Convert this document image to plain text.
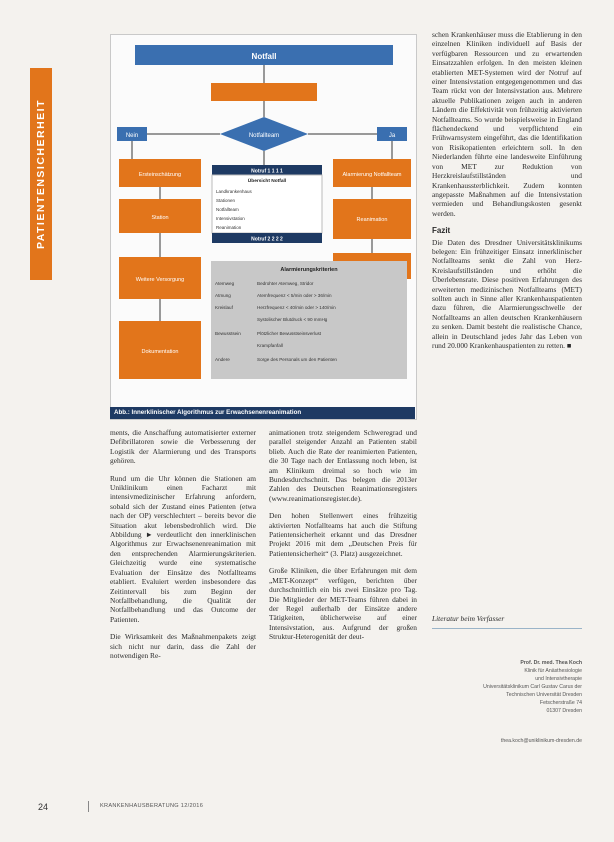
PATIENTENSICHERHEIT
Notfall
Notfallteam
Nein	Ja
Ersteinschätzung
Station
Weitere Versorgung
Dokumentation
Alarmierung Notfallteam
Reanimation
Notruf 1 1 1 1
Übersicht Notfall
Landkrankenhaus
Stationen
Notfallteam
Intensivstation
Reanimation
Notruf 2 2 2 2
Alarmierungskriterien
Atemweg	Bedrohter Atemweg, Stridor
Atmung	Atemfrequenz < 5/min oder > 36/min
Kreislauf	Herzfrequenz < 40/min oder > 140/min
Systolischer Blutdruck < 90 mmHg
Bewusstsein	Plötzlicher Bewusstseinsverlust
Krampfanfall
Andere	Sorge des Personals um den Patienten
Abb.: Innerklinischer Algorithmus zur Erwachsenenreanimation

ments, die Anschaffung automatisierter externer Defibrillatoren sowie die Verbesserung der Logistik der Alarmierung und des Transports gehören.

Rund um die Uhr können die Stationen am Uniklinikum einen Facharzt mit intensivmedizinischer Erfahrung anfordern, sobald sich der Zustand eines Patienten (etwa nach der OP) verschlechtert – bereits bevor die Situation akut lebensbedrohlich wird. Die Abbildung ► verdeutlicht den innerklinischen Algorithmus zur Erwachsenenreanimation mit den entsprechenden Alarmierungskriterien. Gleichzeitig wurde eine systematische Evaluation der Einsätze des Notfallteams etabliert. Evaluiert werden insbesondere das Zeitintervall bis zum Beginn der Notfallbehandlung, die Qualität der Notfallbehandlung und das Outcome der Patienten.

Die Wirksamkeit des Maßnahmenpakets zeigt sich nicht nur darin, dass die Zahl der notwendigen Re-

animationen trotz steigendem Schweregrad und parallel steigender Anzahl an Patienten stabil blieb. Auch die Rate der reanimierten Patienten, die 30 Tage nach der Entlassung noch leben, ist am Klinikum dreimal so hoch wie im Bundesdurchschnitt. Das belegen die 2013er Zahlen des Deutschen Reanimationsregisters (www.reanimationsregister.de).

Den hohen Stellenwert eines frühzeitig aktivierten Notfallteams hat auch die Stiftung Patientensicherheit erkannt und das Dresdner Projekt 2016 mit dem „Deutschen Preis für Patientensicherheit“ (3. Platz) ausgezeichnet.

Große Kliniken, die über Erfahrungen mit dem „MET-Konzept“ verfügen, berichten über durchschnittlich ein bis zwei Einsätze pro Tag. Die Mitglieder der MET-Teams führen dabei in der Regel außerhalb der Einsätze andere Tätigkeiten, üblicherweise auf einer Intensivstation, aus. Aufgrund der großen Struktur-Heterogenität der deut-

schen Krankenhäuser muss die Etablierung in den einzelnen Kliniken individuell auf Basis der verfügbaren Ressourcen und zu erwartenden Einsatzzahlen erfolgen. In den meisten kleinen etablierten MET-Systemen wird der Notruf auf einer Intensivstation entgegengenommen und das Team rückt von der Intensivstation aus. Mehrere aktuelle Publikationen zeigen auch in anderen Ländern die Effektivität von frühzeitig aktivierten Notfallteams. So wurde beispielsweise in England flächendeckend und verpflichtend ein Frühwarnsystem eingeführt, das die Identifikation von Risikopatienten erleichtern soll. In den Niederlanden führte eine landesweite Einführung von MET zur Reduktion von Herzkreislaufstillständen und Krankenhaussterblichkeit. Zudem konnten angepasste Maßnahmen auf die Intensivstation vermieden und Behandlungskosten gesenkt werden.

Fazit

Die Daten des Dresdner Universitätsklinikums belegen: Ein frühzeitiger Einsatz innerklinischer Notfallteams senkt die Zahl von Herz-Kreislaufstillständen und erhöht die Überlebensrate. Diese positiven Erfahrungen des erweiterten medizinischen Notfallteams (MET) sollten auch in Sinne aller Krankenhauspatienten dazu führen, die Alarmierungsschwelle der Notfallteams an allen deutschen Krankenhäusern zu senken. Damit besteht die realistische Chance, allein in Deutschland jedes Jahr das Leben von rund 20.000 Krankenhauspatienten zu retten. ■

Literatur beim Verfasser
Prof. Dr. med. Thea Koch
Klinik für Anästhesiologie
und Intensivtherapie
Universitätsklinikum Carl Gustav Carus der
Technischen Universität Dresden
Fetscherstraße 74
01307 Dresden
thea.koch@uniklinikum-dresden.de
24	KRANKENHAUSBERATUNG 12/2016
